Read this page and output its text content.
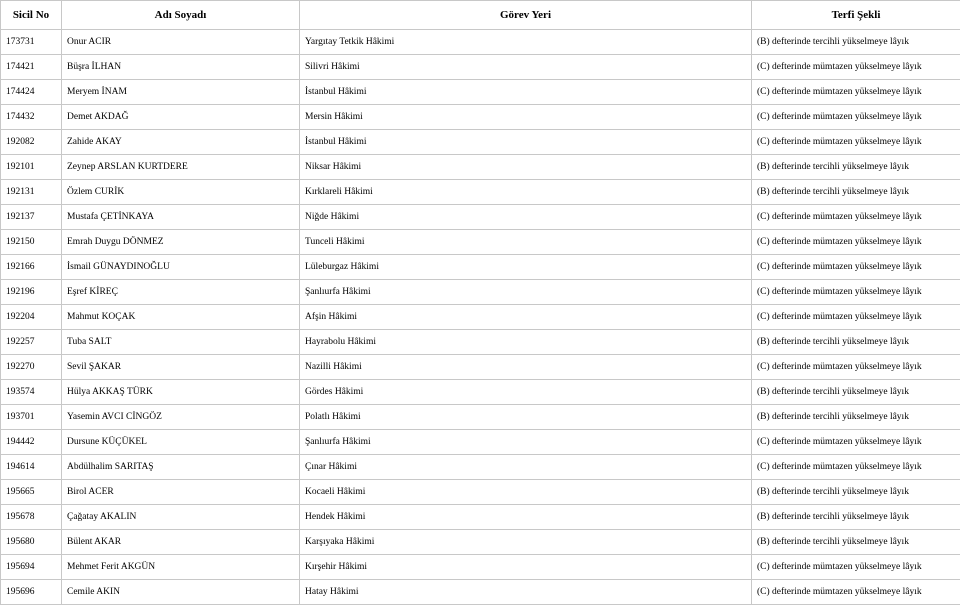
Sicil No	Adı Soyadı	Görev Yeri	Terfi Şekli
173731	Onur ACIR	Yargıtay Tetkik Hâkimi	(B) defterinde tercihli yükselmeye lâyık
174421	Büşra İLHAN	Silivri Hâkimi	(C) defterinde mümtazen yükselmeye lâyık
174424	Meryem İNAM	İstanbul Hâkimi	(C) defterinde mümtazen yükselmeye lâyık
174432	Demet AKDAĞ	Mersin Hâkimi	(C) defterinde mümtazen yükselmeye lâyık
192082	Zahide AKAY	İstanbul Hâkimi	(C) defterinde mümtazen yükselmeye lâyık
192101	Zeynep ARSLAN KURTDERE	Niksar Hâkimi	(B) defterinde tercihli yükselmeye lâyık
192131	Özlem CURİK	Kırklareli Hâkimi	(B) defterinde tercihli yükselmeye lâyık
192137	Mustafa ÇETİNKAYA	Niğde Hâkimi	(C) defterinde mümtazen yükselmeye lâyık
192150	Emrah Duygu DÖNMEZ	Tunceli Hâkimi	(C) defterinde mümtazen yükselmeye lâyık
192166	İsmail GÜNAYDINOĞLU	Lüleburgaz Hâkimi	(C) defterinde mümtazen yükselmeye lâyık
192196	Eşref KİREÇ	Şanlıurfa Hâkimi	(C) defterinde mümtazen yükselmeye lâyık
192204	Mahmut KOÇAK	Afşin Hâkimi	(C) defterinde mümtazen yükselmeye lâyık
192257	Tuba SALT	Hayrabolu Hâkimi	(B) defterinde tercihli yükselmeye lâyık
192270	Sevil ŞAKAR	Nazilli Hâkimi	(C) defterinde mümtazen yükselmeye lâyık
193574	Hülya AKKAŞ TÜRK	Gördes Hâkimi	(B) defterinde tercihli yükselmeye lâyık
193701	Yasemin AVCI CİNGÖZ	Polatlı Hâkimi	(B) defterinde tercihli yükselmeye lâyık
194442	Dursune KÜÇÜKEL	Şanlıurfa Hâkimi	(C) defterinde mümtazen yükselmeye lâyık
194614	Abdülhalim SARITAŞ	Çınar Hâkimi	(C) defterinde mümtazen yükselmeye lâyık
195665	Birol ACER	Kocaeli Hâkimi	(B) defterinde tercihli yükselmeye lâyık
195678	Çağatay AKALIN	Hendek Hâkimi	(B) defterinde tercihli yükselmeye lâyık
195680	Bülent AKAR	Karşıyaka Hâkimi	(B) defterinde tercihli yükselmeye lâyık
195694	Mehmet Ferit AKGÜN	Kırşehir Hâkimi	(C) defterinde mümtazen yükselmeye lâyık
195696	Cemile AKIN	Hatay Hâkimi	(C) defterinde mümtazen yükselmeye lâyık
